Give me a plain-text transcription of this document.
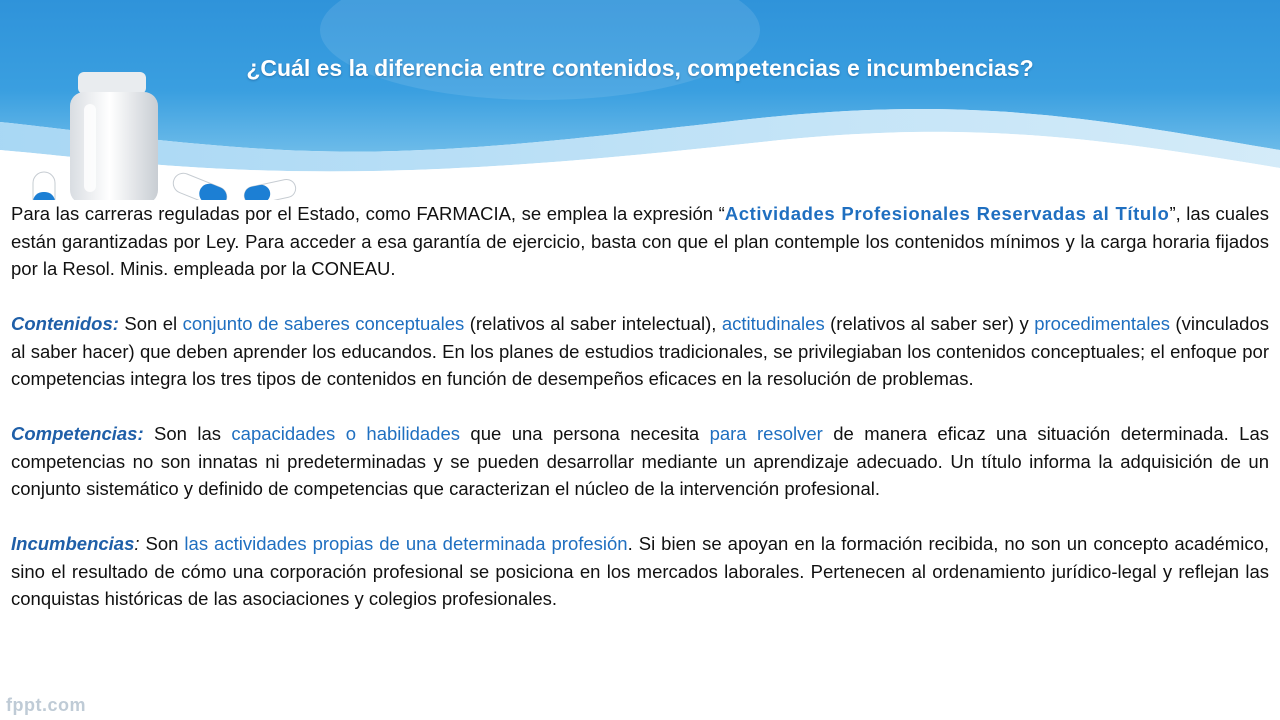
¿Cuál es la diferencia entre contenidos, competencias e incumbencias?

Para las carreras reguladas por el Estado, como FARMACIA, se emplea la expresión “Actividades Profesionales Reservadas al Título”, las cuales están garantizadas por Ley. Para acceder a esa garantía de ejercicio, basta con que el plan contemple los contenidos mínimos y la carga horaria fijados por la Resol. Minis. empleada por la CONEAU.

Contenidos: Son el conjunto de saberes conceptuales (relativos al saber intelectual), actitudinales (relativos al saber ser) y procedimentales (vinculados al saber hacer) que deben aprender los educandos. En los planes de estudios tradicionales, se privilegiaban los contenidos conceptuales; el enfoque por competencias integra los tres tipos de contenidos en función de desempeños eficaces en la resolución de problemas.

Competencias: Son las capacidades o habilidades que una persona necesita para resolver de manera eficaz una situación determinada. Las competencias no son innatas ni predeterminadas y se pueden desarrollar mediante un aprendizaje adecuado. Un título informa la adquisición de un conjunto sistemático y definido de competencias que caracterizan el núcleo de la intervención profesional.

Incumbencias: Son las actividades propias de una determinada profesión. Si bien se apoyan en la formación recibida, no son un concepto académico, sino el resultado de cómo una corporación profesional se posiciona en los mercados laborales. Pertenecen al ordenamiento jurídico-legal y reflejan las conquistas históricas de las asociaciones y colegios profesionales.

fppt.com
